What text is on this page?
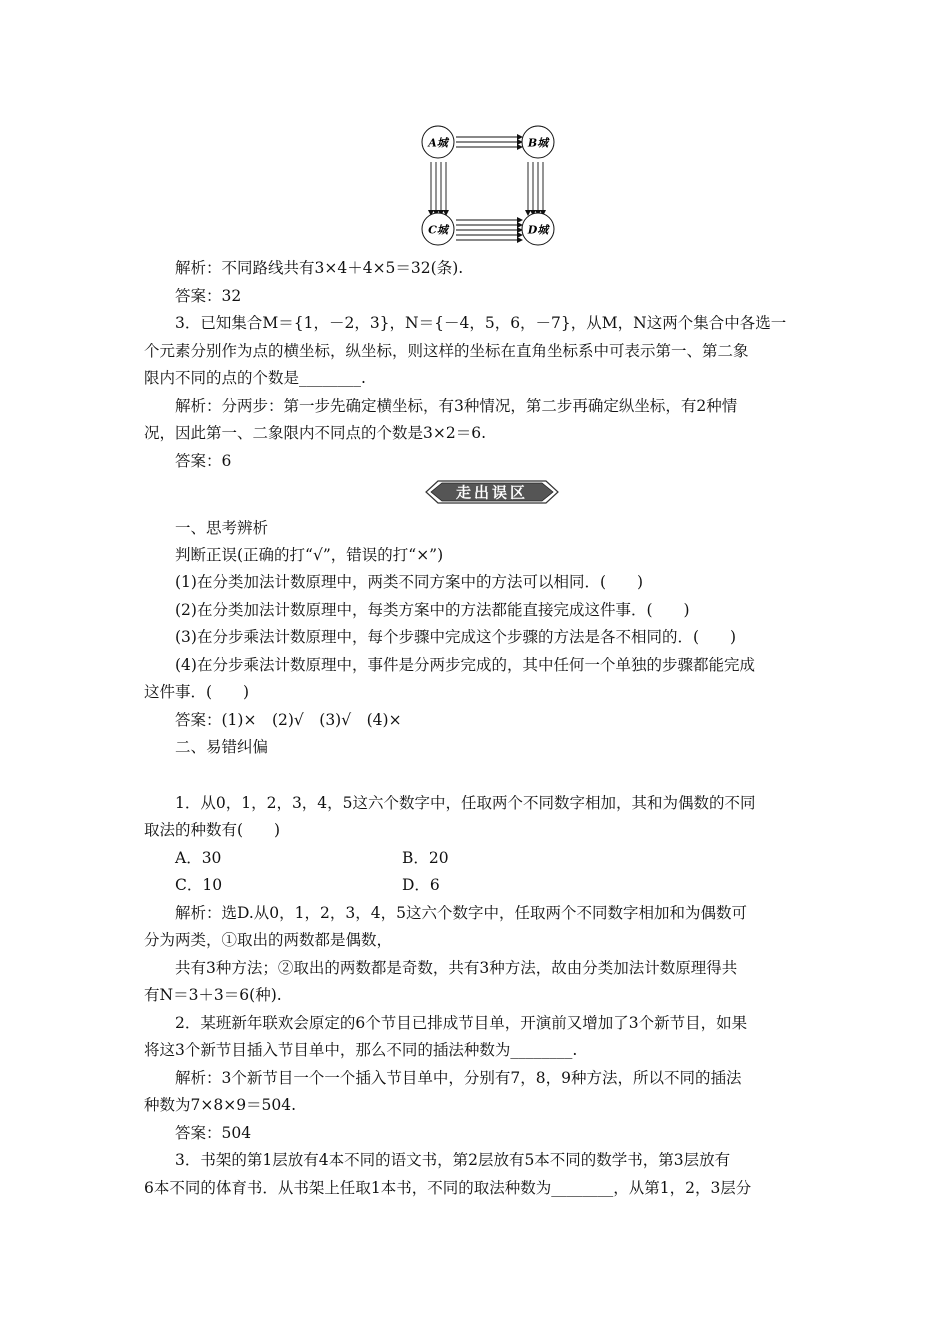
A城	B城
C城	D城
解析：不同路线共有3×4＋4×5＝32(条).
答案：32
3．已知集合M＝{1，－2，3}，N＝{－4，5，6，－7}，从M，N这两个集合中各选一
个元素分别作为点的横坐标，纵坐标，则这样的坐标在直角坐标系中可表示第一、第二象
限内不同的点的个数是________.
解析：分两步：第一步先确定横坐标，有3种情况，第二步再确定纵坐标，有2种情
况，因此第一、二象限内不同点的个数是3×2＝6.
答案：6
走出误区
一、思考辨析
判断正误(正确的打“√”，错误的打“×”)
(1)在分类加法计数原理中，两类不同方案中的方法可以相同．(　　)
(2)在分类加法计数原理中，每类方案中的方法都能直接完成这件事．(　　)
(3)在分步乘法计数原理中，每个步骤中完成这个步骤的方法是各不相同的．(　　)
(4)在分步乘法计数原理中，事件是分两步完成的，其中任何一个单独的步骤都能完成
这件事．(　　)
答案：(1)×　(2)√　(3)√　(4)×
二、易错纠偏
1．从0，1，2，3，4，5这六个数字中，任取两个不同数字相加，其和为偶数的不同
取法的种数有(　　)
A．30	B．20
C．10	D．6
解析：选D.从0，1，2，3，4，5这六个数字中，任取两个不同数字相加和为偶数可
分为两类，①取出的两数都是偶数，
共有3种方法；②取出的两数都是奇数，共有3种方法，故由分类加法计数原理得共
有N＝3＋3＝6(种).
2．某班新年联欢会原定的6个节目已排成节目单，开演前又增加了3个新节目，如果
将这3个新节目插入节目单中，那么不同的插法种数为________.
解析：3个新节目一个一个插入节目单中，分别有7，8，9种方法，所以不同的插法
种数为7×8×9＝504.
答案：504
3．书架的第1层放有4本不同的语文书，第2层放有5本不同的数学书，第3层放有
6本不同的体育书．从书架上任取1本书，不同的取法种数为________，从第1，2，3层分
